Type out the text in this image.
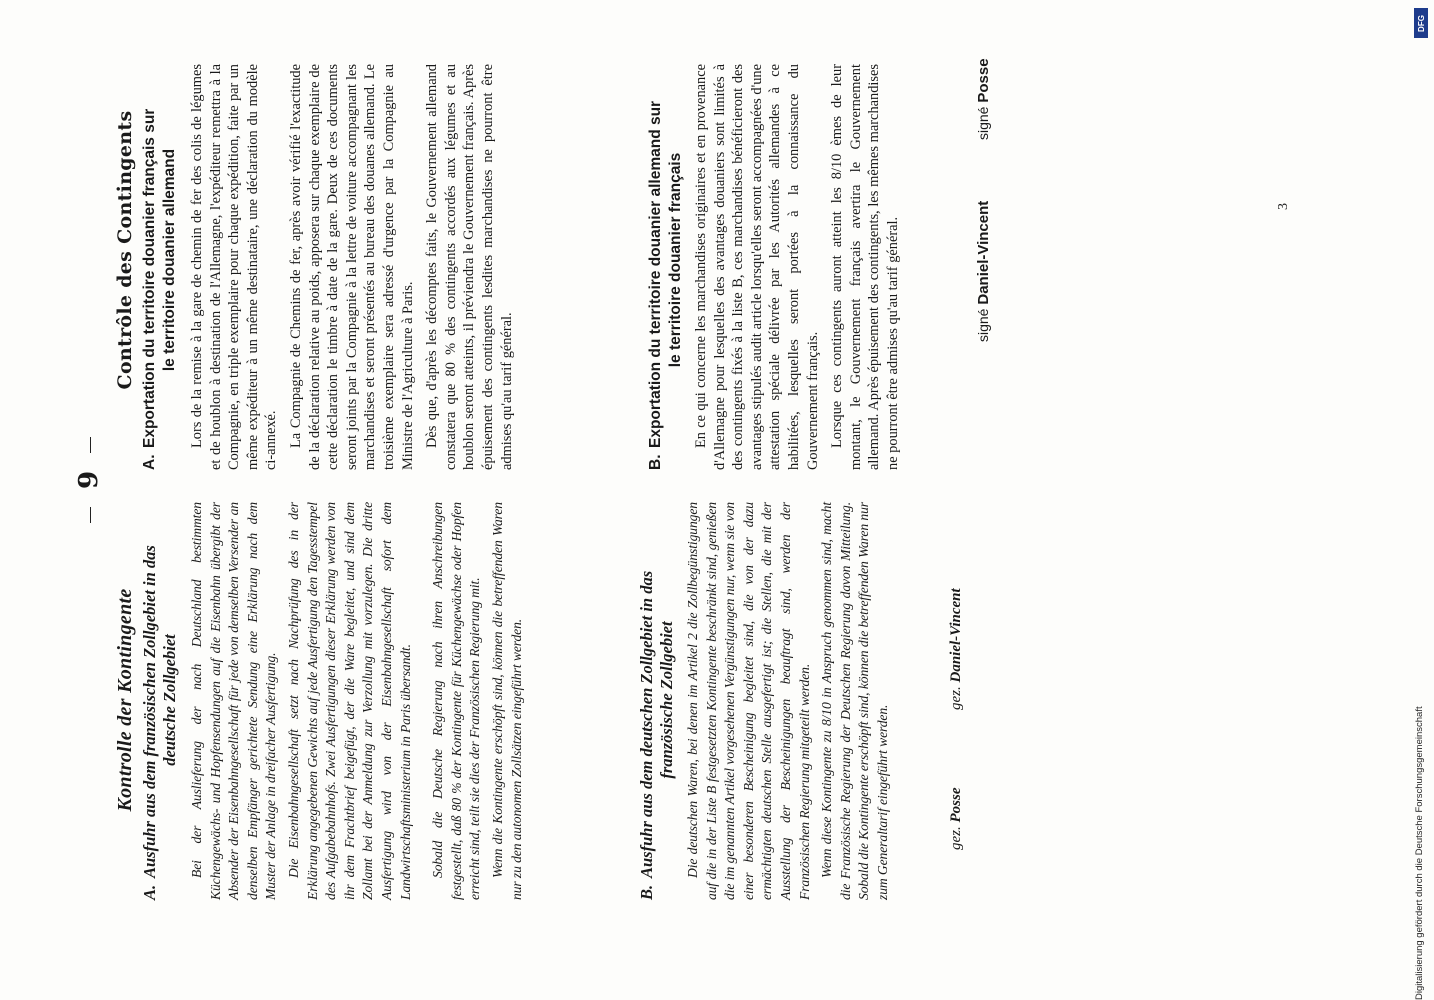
9
Kontrolle der Kontingente
A.Ausfuhr aus dem französischen Zollgebiet in das deutsche Zollgebiet Bei der Auslieferung der nach Deutschland bestimmten Küchengewächs- und Hopfensendungen auf die Eisenbahn übergibt der Absender der Eisenbahngesellschaft für jede von demselben Versender an denselben Empfänger gerichtete Sendung eine Erklärung nach dem Muster der Anlage in dreifacher Ausfertigung. Die Eisenbahngesellschaft setzt nach Nachprüfung des in der Erklärung angegebenen Gewichts auf jede Ausfertigung den Tagesstempel des Aufgabebahnhofs. Zwei Ausfertigungen dieser Erklärung werden von ihr dem Frachtbrief beigefügt, der die Ware begleitet, und sind dem Zollamt bei der Anmeldung zur Verzollung mit vorzulegen. Die dritte Ausfertigung wird von der Eisenbahngesellschaft sofort dem Landwirtschaftsministerium in Paris übersandt. Sobald die Deutsche Regierung nach ihren Anschreibungen festgestellt, daß 80 % der Kontingente für Küchengewächse oder Hopfen erreicht sind, teilt sie dies der Französischen Regierung mit. Wenn die Kontingente erschöpft sind, können die betreffenden Waren nur zu den autonomen Zollsätzen eingeführt werden.	B.Ausfuhr aus dem deutschen Zollgebiet in das französische Zollgebiet Die deutschen Waren, bei denen im Artikel 2 die Zollbegünstigungen auf die in der Liste B festgesetzten Kontingente beschränkt sind, genießen die im genannten Artikel vorgesehenen Vergünstigungen nur, wenn sie von einer besonderen Bescheinigung begleitet sind, die von der dazu ermächtigten deutschen Stelle ausgefertigt ist; die Stellen, die mit der Ausstellung der Bescheinigungen beauftragt sind, werden der Französischen Regierung mitgeteilt werden. Wenn diese Kontingente zu 8/10 in Anspruch genommen sind, macht die Französische Regierung der Deutschen Regierung davon Mitteilung. Sobald die Kontingente erschöpft sind, können die betreffenden Waren nur zum Generaltarif eingeführt werden.	gez. Posse
gez. Daniel-Vincent
Contrôle des Contingents
A.Exportation du territoire douanier français sur le territoire douanier allemand Lors de la remise à la gare de chemin de fer des colis de légumes et de houblon à destination de l'Allemagne, l'expéditeur remettra à la Compagnie, en triple exemplaire pour chaque expédition, faite par un même expéditeur à un même destinataire, une déclaration du modèle ci-annexé. La Compagnie de Chemins de fer, après avoir vérifié l'exactitude de la déclaration relative au poids, apposera sur chaque exemplaire de cette déclaration le timbre à date de la gare. Deux de ces documents seront joints par la Compagnie à la lettre de voiture accompagnant les marchandises et seront présentés au bureau des douanes allemand. Le troisième exemplaire sera adressé d'urgence par la Compagnie au Ministre de l'Agriculture à Paris. Dès que, d'après les décomptes faits, le Gouvernement allemand constatera que 80 % des contingents accordés aux légumes et au houblon seront atteints, il préviendra le Gouvernement français. Après épuisement des contingents lesdites marchandises ne pourront être admises qu'au tarif général.	B.Exportation du territoire douanier allemand sur le territoire douanier français En ce qui concerne les marchandises originaires et en provenance d'Allemagne pour lesquelles des avantages douaniers sont limités à des contingents fixés à la liste B, ces marchandises bénéficieront des avantages stipulés audit article lorsqu'elles seront accompagnées d'une attestation spéciale délivrée par les Autorités allemandes à ce habilitées, lesquelles seront portées à la connaissance du Gouvernement français. Lorsque ces contingents auront atteint les 8/10 èmes de leur montant, le Gouvernement français avertira le Gouvernement allemand. Après épuisement des contingents, les mêmes marchandises ne pourront être admises qu'au tarif général.	signé Daniel-Vincent
signé Posse
3
DFG
Digitalisierung gefördert durch die Deutsche Forschungsgemeinschaft
